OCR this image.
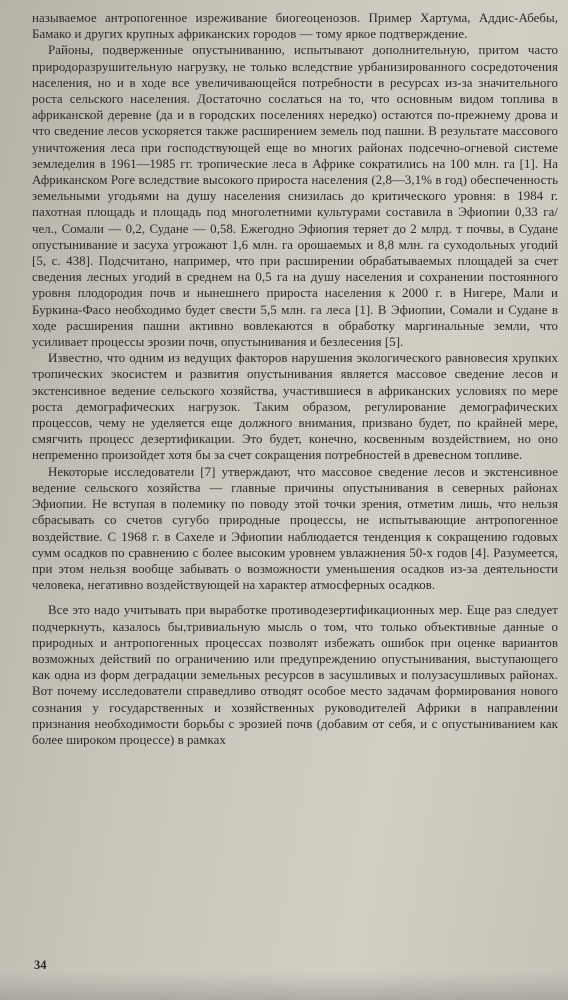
называемое антропогенное изреживание биогеоценозов. Пример Хартума, Аддис-Абебы, Бамако и других крупных африканских городов — тому яркое подтверждение.

Районы, подверженные опустыниванию, испытывают дополнительную, притом часто природоразрушительную нагрузку, не только вследствие урбанизированного сосредоточения населения, но и в ходе все увеличивающейся потребности в ресурсах из-за значительного роста сельского населения. Достаточно сослаться на то, что основным видом топлива в африканской деревне (да и в городских поселениях нередко) остаются по-прежнему дрова и что сведение лесов ускоряется также расширением земель под пашни. В результате массового уничтожения леса при господствующей еще во многих районах подсечно-огневой системе земледелия в 1961—1985 гг. тропические леса в Африке сократились на 100 млн. га [1]. На Африканском Роге вследствие высокого прироста населения (2,8—3,1% в год) обеспеченность земельными угодьями на душу населения снизилась до критического уровня: в 1984 г. пахотная площадь и площадь под многолетними культурами составила в Эфиопии 0,33 га/чел., Сомали — 0,2, Судане — 0,58. Ежегодно Эфиопия теряет до 2 млрд. т почвы, в Судане опустынивание и засуха угрожают 1,6 млн. га орошаемых и 8,8 млн. га суходольных угодий [5, с. 438]. Подсчитано, например, что при расширении обрабатываемых площадей за счет сведения лесных угодий в среднем на 0,5 га на душу населения и сохранении постоянного уровня плодородия почв и нынешнего прироста населения к 2000 г. в Нигере, Мали и Буркина-Фасо необходимо будет свести 5,5 млн. га леса [1]. В Эфиопии, Сомали и Судане в ходе расширения пашни активно вовлекаются в обработку маргинальные земли, что усиливает процессы эрозии почв, опустынивания и безлесения [5].

Известно, что одним из ведущих факторов нарушения экологического равновесия хрупких тропических экосистем и развития опустынивания является массовое сведение лесов и экстенсивное ведение сельского хозяйства, участившиеся в африканских условиях по мере роста демографических нагрузок. Таким образом, регулирование демографических процессов, чему не уделяется еще должного внимания, призвано будет, по крайней мере, смягчить процесс дезертификации. Это будет, конечно, косвенным воздействием, но оно непременно произойдет хотя бы за счет сокращения потребностей в древесном топливе.

Некоторые исследователи [7] утверждают, что массовое сведение лесов и экстенсивное ведение сельского хозяйства — главные причины опустынивания в северных районах Эфиопии. Не вступая в полемику по поводу этой точки зрения, отметим лишь, что нельзя сбрасывать со счетов сугубо природные процессы, не испытывающие антропогенное воздействие. С 1968 г. в Сахеле и Эфиопии наблюдается тенденция к сокращению годовых сумм осадков по сравнению с более высоким уровнем увлажнения 50-х годов [4]. Разумеется, при этом нельзя вообще забывать о возможности уменьшения осадков из-за деятельности человека, негативно воздействующей на характер атмосферных осадков.

Все это надо учитывать при выработке противодезертификационных мер. Еще раз следует подчеркнуть, казалось бы,тривиальную мысль о том, что только объективные данные о природных и антропогенных процессах позволят избежать ошибок при оценке вариантов возможных действий по ограничению или предупреждению опустынивания, выступающего как одна из форм деградации земельных ресурсов в засушливых и полузасушливых районах. Вот почему исследователи справедливо отводят особое место задачам формирования нового сознания у государственных и хозяйственных руководителей Африки в направлении признания необходимости борьбы с эрозией почв (добавим от себя, и с опустыниванием как более широком процессе) в рамках

34
